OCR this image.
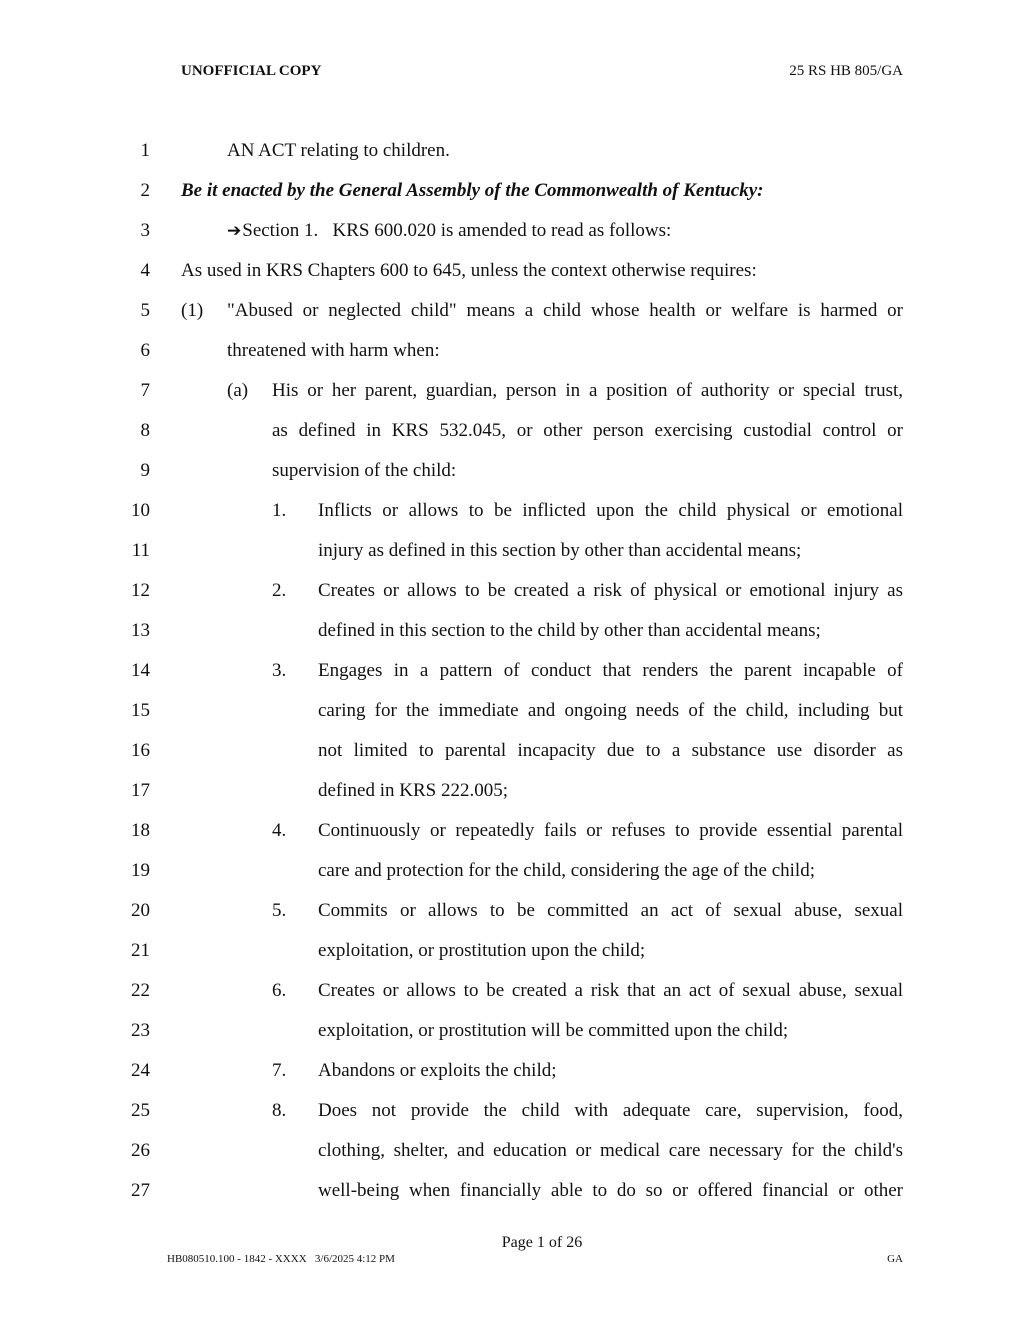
UNOFFICIAL COPY	25 RS HB 805/GA
1	AN ACT relating to children.
2 Be it enacted by the General Assembly of the Commonwealth of Kentucky:
3	➔Section 1.   KRS 600.020 is amended to read as follows:
4 As used in KRS Chapters 600 to 645, unless the context otherwise requires:
5 (1) "Abused or neglected child" means a child whose health or welfare is harmed or
6	threatened with harm when:
7	(a) His or her parent, guardian, person in a position of authority or special trust,
8	as defined in KRS 532.045, or other person exercising custodial control or
9	supervision of the child:
10	1. Inflicts or allows to be inflicted upon the child physical or emotional
11	injury as defined in this section by other than accidental means;
12	2. Creates or allows to be created a risk of physical or emotional injury as
13	defined in this section to the child by other than accidental means;
14	3. Engages in a pattern of conduct that renders the parent incapable of
15	caring for the immediate and ongoing needs of the child, including but
16	not limited to parental incapacity due to a substance use disorder as
17	defined in KRS 222.005;
18	4. Continuously or repeatedly fails or refuses to provide essential parental
19	care and protection for the child, considering the age of the child;
20	5. Commits or allows to be committed an act of sexual abuse, sexual
21	exploitation, or prostitution upon the child;
22	6. Creates or allows to be created a risk that an act of sexual abuse, sexual
23	exploitation, or prostitution will be committed upon the child;
24	7. Abandons or exploits the child;
25	8. Does not provide the child with adequate care, supervision, food,
26	clothing, shelter, and education or medical care necessary for the child's
27	well-being when financially able to do so or offered financial or other
Page 1 of 26
HB080510.100 - 1842 - XXXX   3/6/2025 4:12 PM	GA
